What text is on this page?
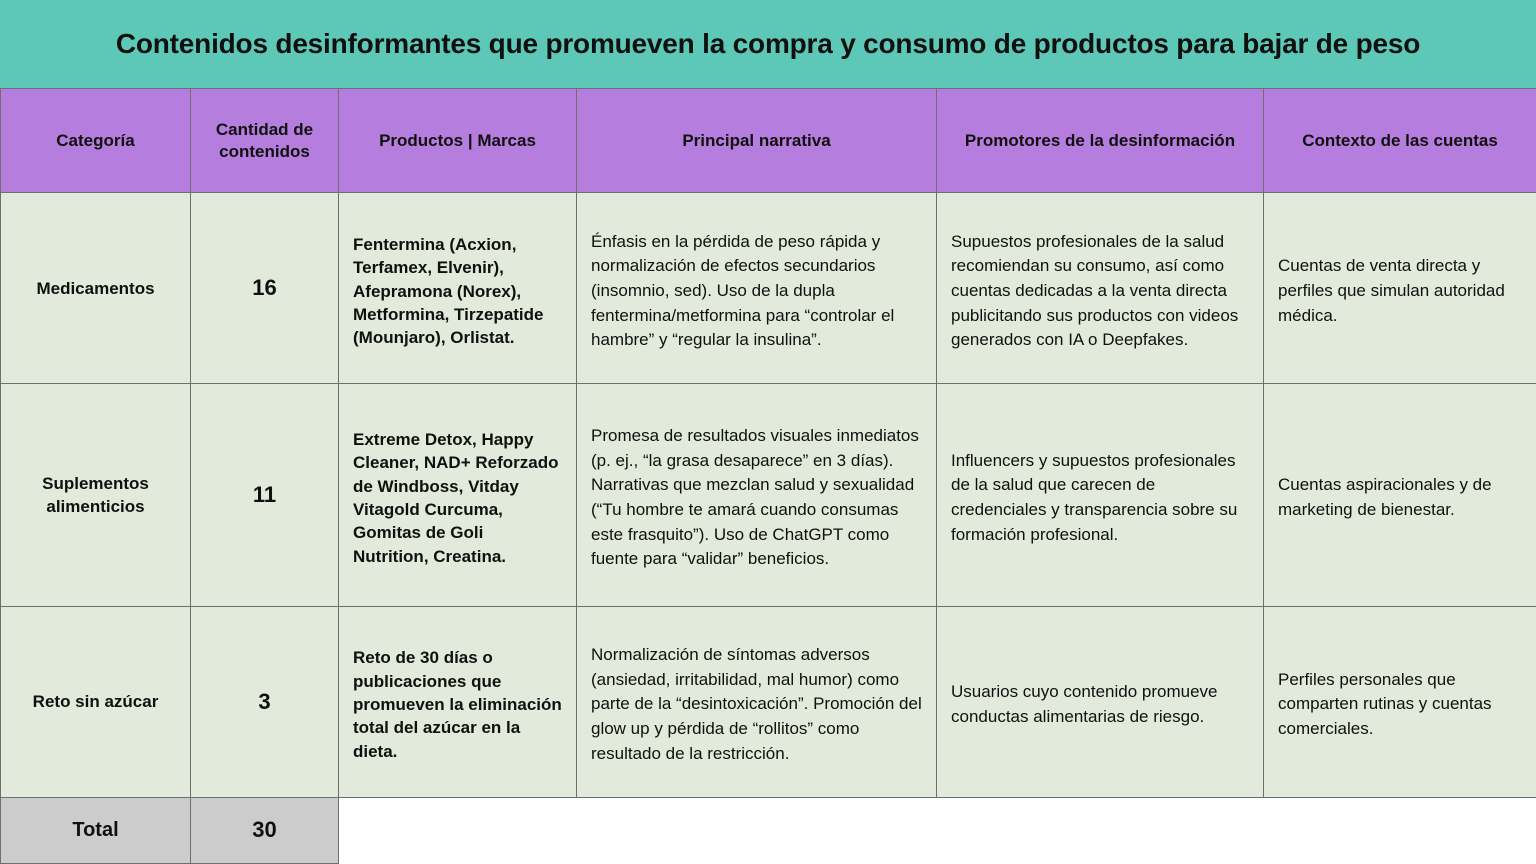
Contenidos desinformantes que promueven la compra y consumo de productos para bajar de peso
Categoría	Cantidad de contenidos	Productos | Marcas	Principal narrativa	Promotores de la desinformación	Contexto de las cuentas
Medicamentos	16	Fentermina (Acxion, Terfamex, Elvenir), Afepramona (Norex), Metformina, Tirzepatide (Mounjaro), Orlistat.	Énfasis en la pérdida de peso rápida y normalización de efectos secundarios (insomnio, sed). Uso de la dupla fentermina/metformina para “controlar el hambre” y “regular la insulina”.	Supuestos profesionales de la salud recomiendan su consumo, así como cuentas dedicadas a la venta directa publicitando sus productos con videos generados con IA o Deepfakes.	Cuentas de venta directa y perfiles que simulan autoridad médica.
Suplementos alimenticios	11	Extreme Detox, Happy Cleaner, NAD+ Reforzado de Windboss, Vitday Vitagold Curcuma, Gomitas de Goli Nutrition, Creatina.	Promesa de resultados visuales inmediatos (p. ej., “la grasa desaparece” en 3 días). Narrativas que mezclan salud y sexualidad (“Tu hombre te amará cuando consumas este frasquito”). Uso de ChatGPT como fuente para “validar” beneficios.	Influencers y supuestos profesionales de la salud que carecen de credenciales y transparencia sobre su formación profesional.	Cuentas aspiracionales y de marketing de bienestar.
Reto sin azúcar	3	Reto de 30 días o publicaciones que promueven la eliminación total del azúcar en la dieta.	Normalización de síntomas adversos (ansiedad, irritabilidad, mal humor) como parte de la “desintoxicación”. Promoción del glow up y pérdida de “rollitos” como resultado de la restricción.	Usuarios cuyo contenido promueve conductas alimentarias de riesgo.	Perfiles personales que comparten rutinas y cuentas comerciales.
Total	30				
